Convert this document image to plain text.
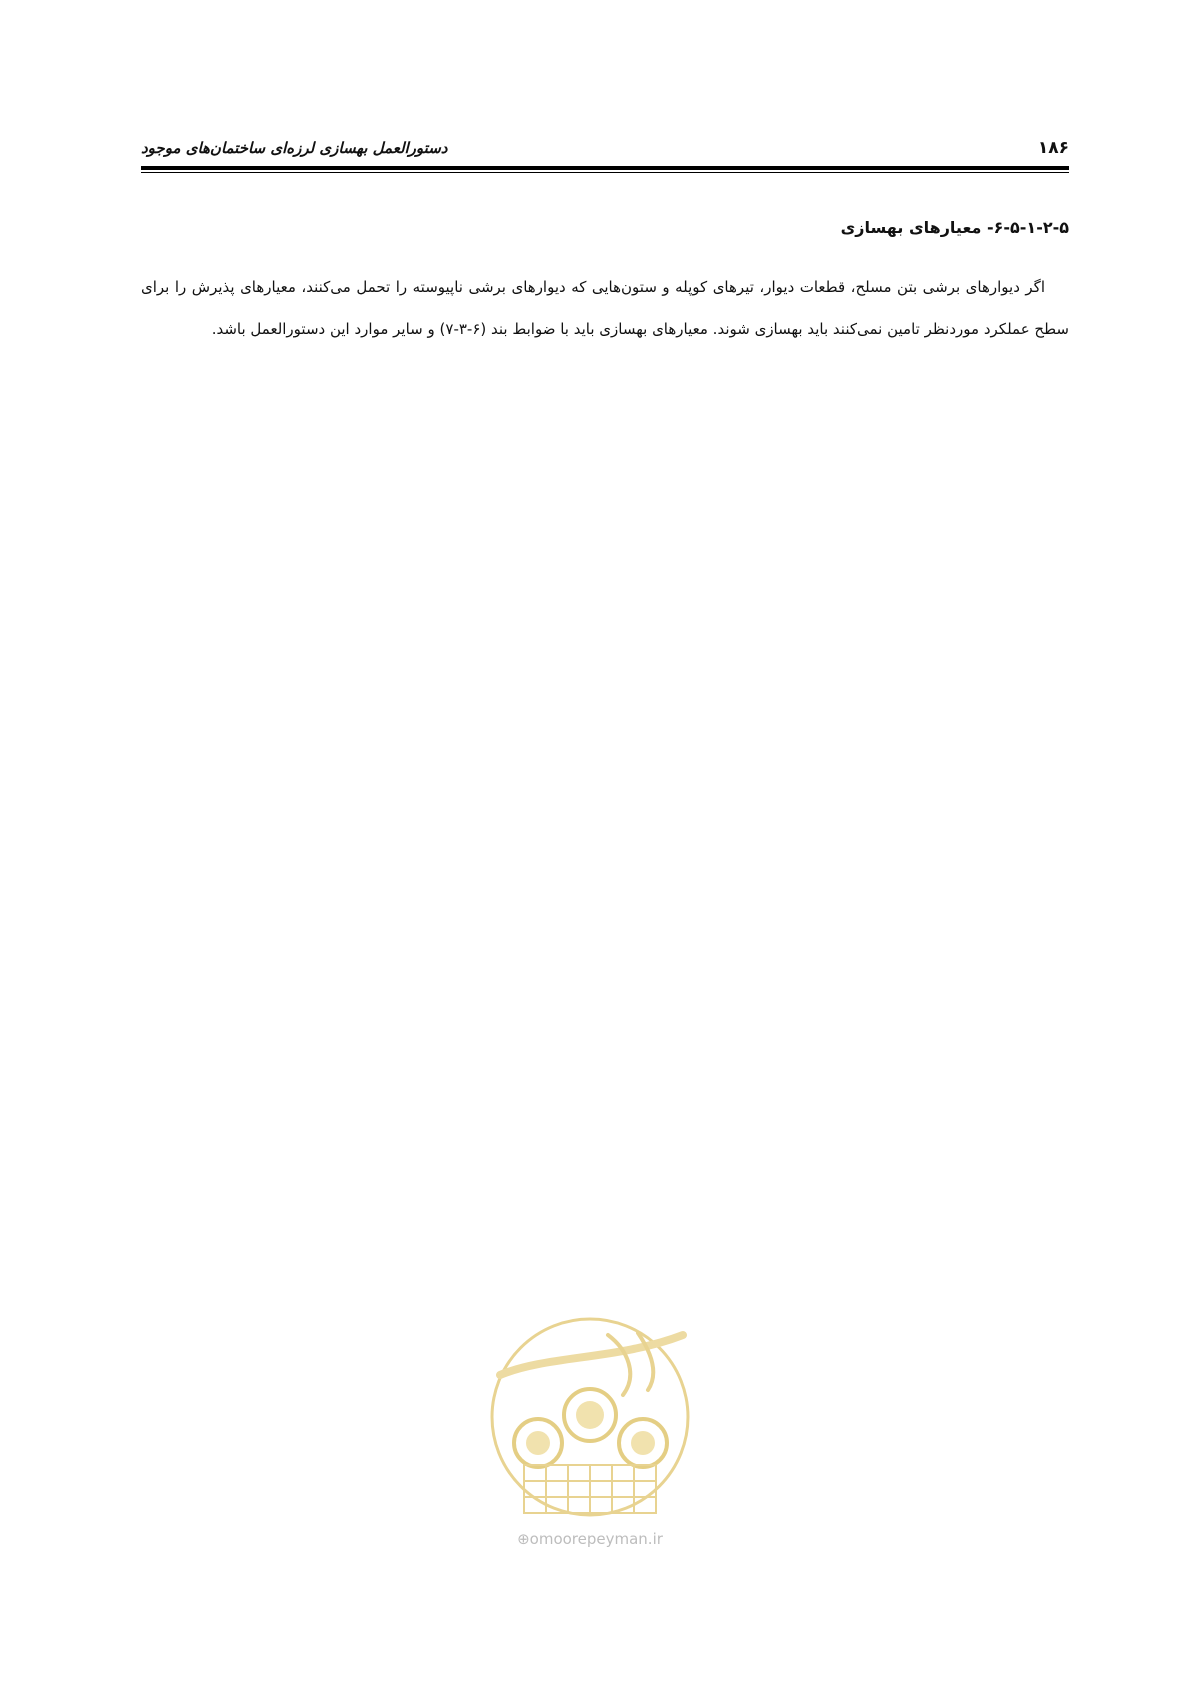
۱۸۶
دستورالعمل بهسازی لرزه‌ای ساختمان‌های موجود
۶-۵-۱-۲-۵- معیارهای بهسازی
اگر دیوارهای برشی بتن مسلح، قطعات دیوار، تیرهای کوپله و ستون‌هایی که دیوارهای برشی ناپیوسته را تحمل می‌کنند، معیارهای پذیرش را برای سطح عملکرد موردنظر تامین نمی‌کنند باید بهسازی شوند. معیارهای بهسازی باید با ضوابط بند (۶-۳-۷) و سایر موارد این دستورالعمل باشد.
⊕omoorepeyman.ir
